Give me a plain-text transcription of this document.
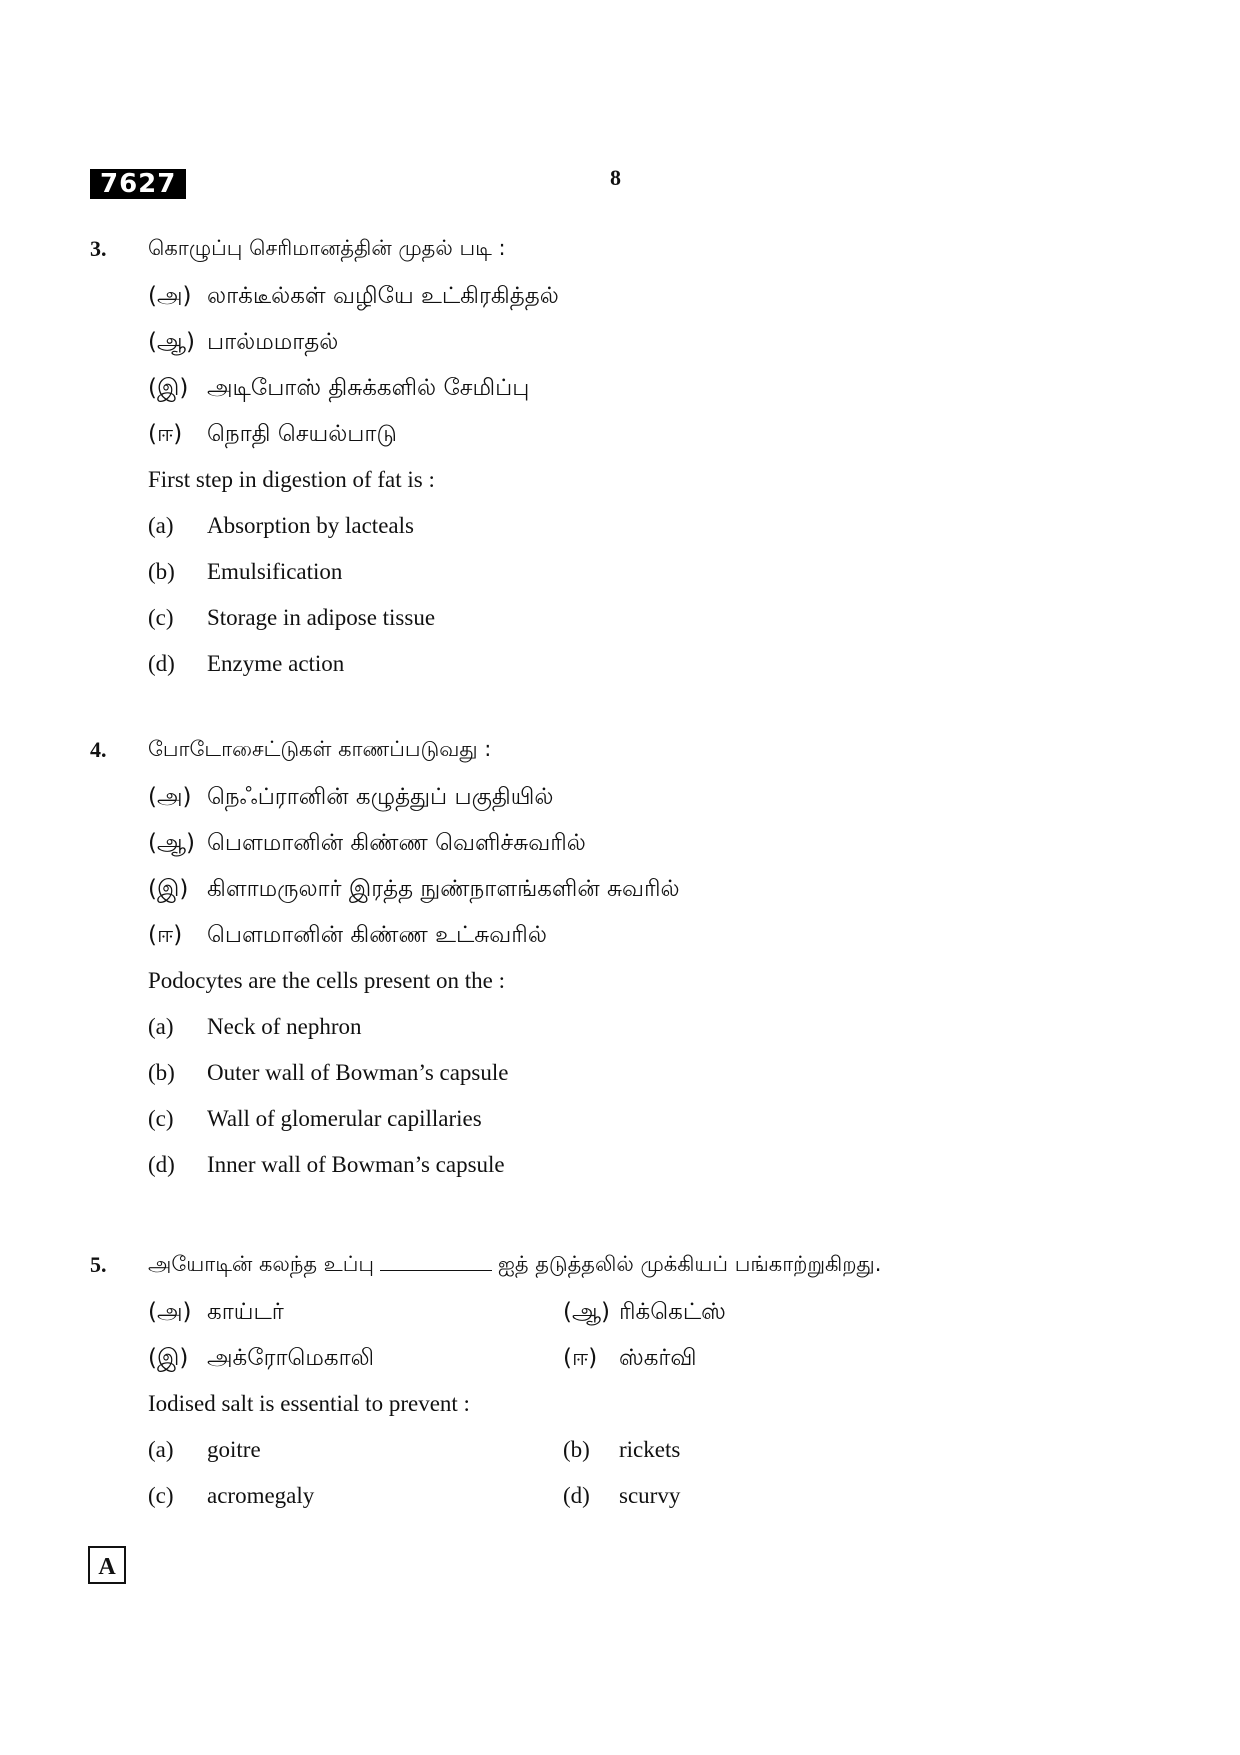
7627	8
3. கொழுப்பு செரிமானத்தின் முதல் படி :
(அ) லாக்டீல்கள் வழியே உட்கிரகித்தல்
(ஆ) பால்மமாதல்
(இ) அடிபோஸ் திசுக்களில் சேமிப்பு
(ஈ) நொதி செயல்பாடு
First step in digestion of fat is :
(a) Absorption by lacteals
(b) Emulsification
(c) Storage in adipose tissue
(d) Enzyme action
4. போடோசைட்டுகள் காணப்படுவது :
(அ) நெஃப்ரானின் கழுத்துப் பகுதியில்
(ஆ) பௌமானின் கிண்ண வெளிச்சுவரில்
(இ) கிளாமருலார் இரத்த நுண்நாளங்களின் சுவரில்
(ஈ) பௌமானின் கிண்ண உட்சுவரில்
Podocytes are the cells present on the :
(a) Neck of nephron
(b) Outer wall of Bowman’s capsule
(c) Wall of glomerular capillaries
(d) Inner wall of Bowman’s capsule
5. அயோடின் கலந்த உப்பு	ஐத் தடுத்தலில் முக்கியப் பங்காற்றுகிறது.
(அ) காய்டர்	(ஆ) ரிக்கெட்ஸ்
(இ) அக்ரோமெகாலி	(ஈ) ஸ்கர்வி
Iodised salt is essential to prevent :
(a) goitre	(b) rickets
(c) acromegaly	(d) scurvy
A
